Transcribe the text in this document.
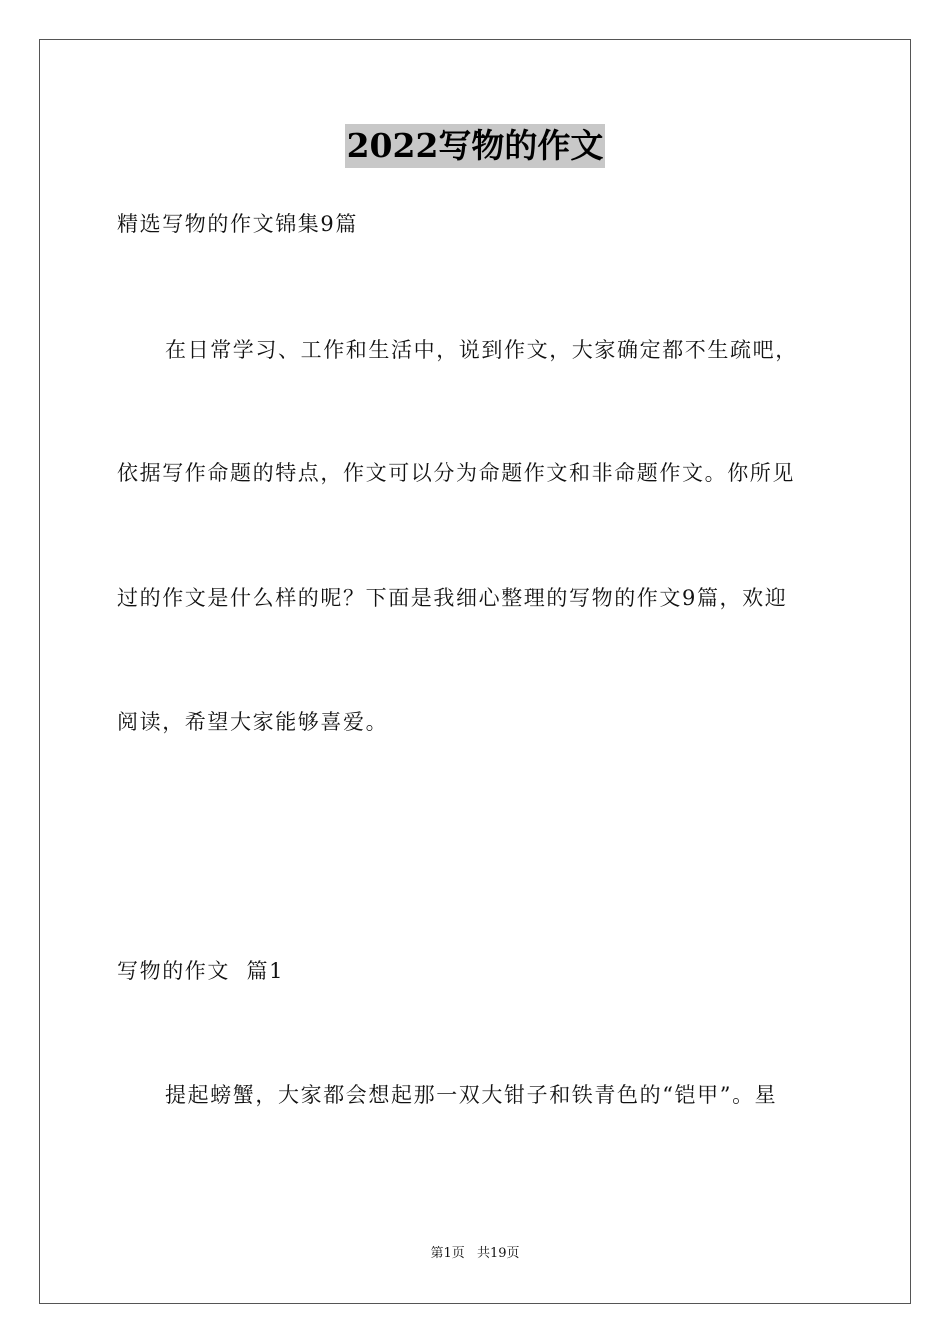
2022写物的作文
精选写物的作文锦集9篇
在日常学习、工作和生活中，说到作文，大家确定都不生疏吧，
依据写作命题的特点，作文可以分为命题作文和非命题作文。你所见
过的作文是什么样的呢？下面是我细心整理的写物的作文9篇，欢迎
阅读，希望大家能够喜爱。
写物的作文  篇1
提起螃蟹，大家都会想起那一双大钳子和铁青色的“铠甲”。星
第1页 共19页
